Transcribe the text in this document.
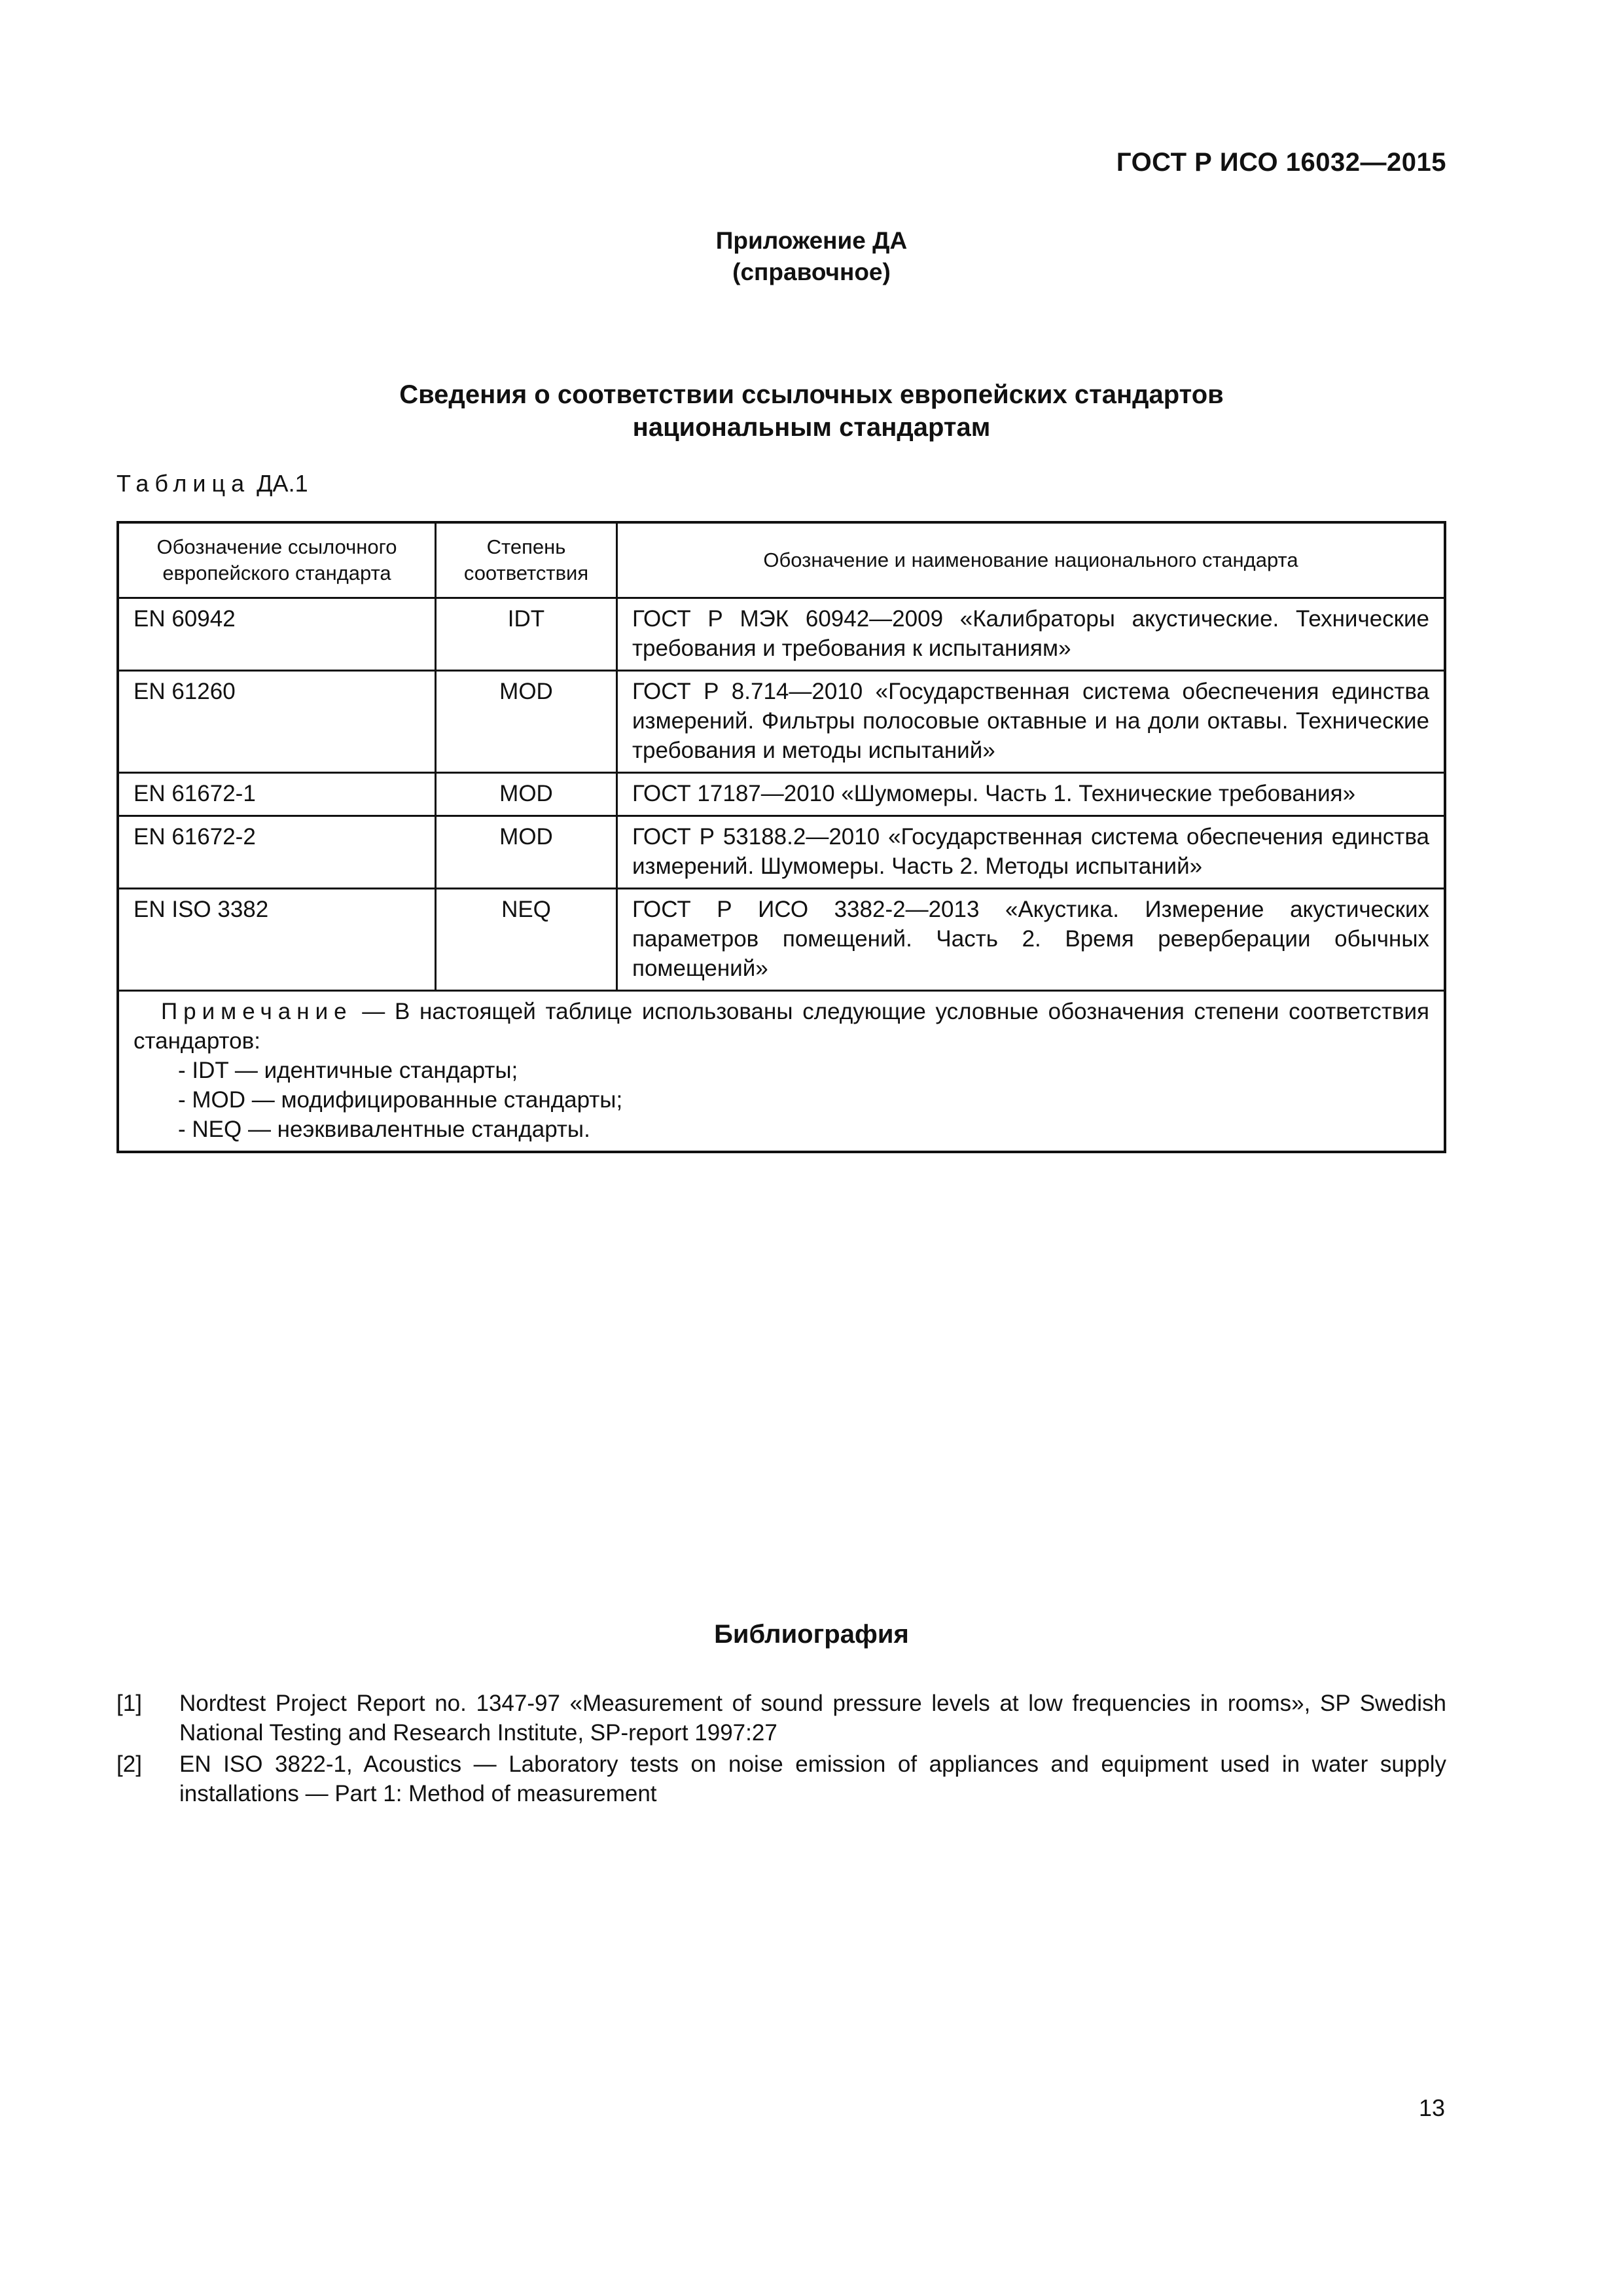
ГОСТ Р ИСО 16032—2015
Приложение ДА
(справочное)
Сведения о соответствии ссылочных европейских стандартов
национальным стандартам
Таблица ДА.1
Обозначение ссылочного европейского стандарта	Степень соответствия	Обозначение и наименование национального стандарта
EN 60942	IDT	ГОСТ Р МЭК 60942—2009 «Калибраторы акустические. Технические требования и требования к испытаниям»
EN 61260	MOD	ГОСТ Р 8.714—2010 «Государственная система обеспечения единства измерений. Фильтры полосовые октавные и на доли октавы. Технические требования и методы испытаний»
EN 61672-1	MOD	ГОСТ 17187—2010 «Шумомеры. Часть 1. Технические требования»
EN 61672-2	MOD	ГОСТ Р 53188.2—2010 «Государственная система обеспечения единства измерений. Шумомеры. Часть 2. Методы испытаний»
EN ISO 3382	NEQ	ГОСТ Р ИСО 3382-2—2013 «Акустика. Измерение акустических параметров помещений. Часть 2. Время реверберации обычных помещений»

Примечание — В настоящей таблице использованы следующие условные обозначения степени соответствия стандартов:
- IDT — идентичные стандарты;
- MOD — модифицированные стандарты;
- NEQ — неэквивалентные стандарты.		
Библиография
[1]	Nordtest Project Report no. 1347-97 «Measurement of sound pressure levels at low frequencies in rooms», SP Swedish National Testing and Research Institute, SP-report 1997:27
[2]	EN ISO 3822-1, Acoustics — Laboratory tests on noise emission of appliances and equipment used in water supply installations — Part 1: Method of measurement
13
